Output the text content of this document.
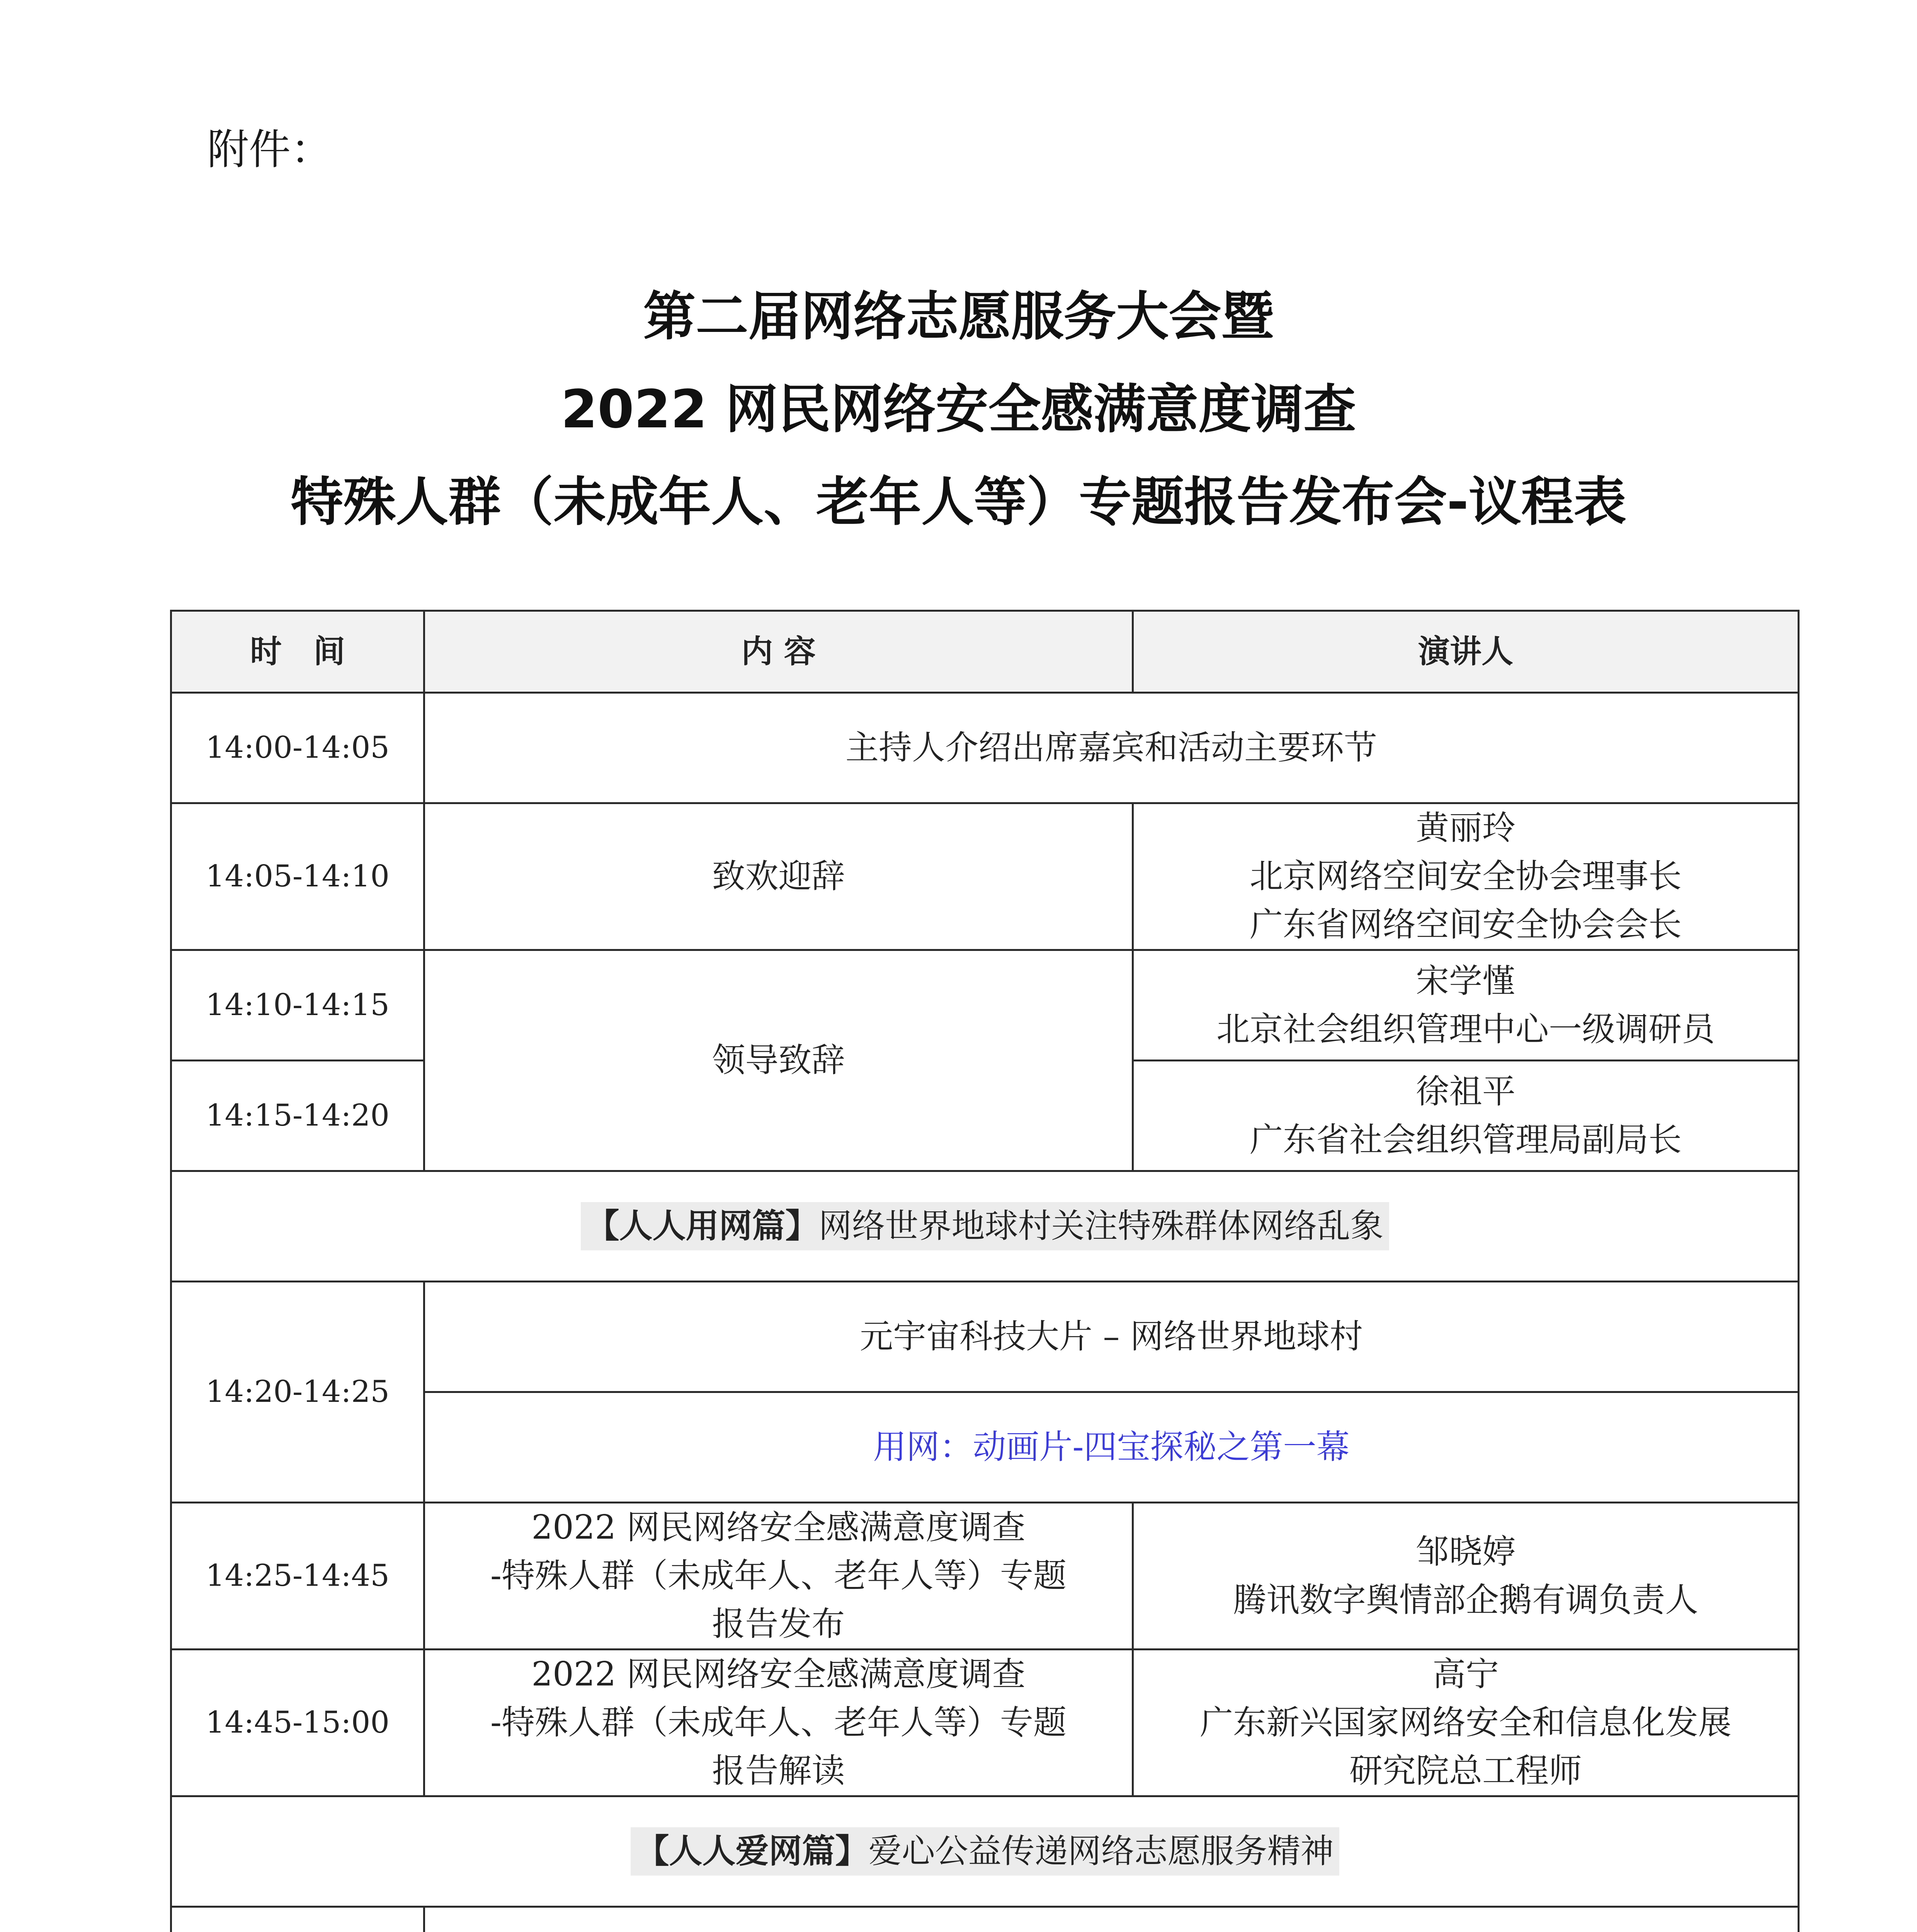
附件：
第二届网络志愿服务大会暨
2022 网民网络安全感满意度调查
特殊人群（未成年人、老年人等）专题报告发布会-议程表
时　间	内 容	演讲人
14:00-14:05	主持人介绍出席嘉宾和活动主要环节	
14:05-14:10	致欢迎辞	黄丽玲
北京网络空间安全协会理事长
广东省网络空间安全协会会长

14:10-14:15	领导致辞	宋学慬
北京社会组织管理中心一级调研员

14:15-14:20		徐祖平
广东省社会组织管理局副局长

【人人用网篇】网络世界地球村关注特殊群体网络乱象		
14:20-14:25	元宇宙科技大片 – 网络世界地球村	
	用网：动画片-四宝探秘之第一幕	
14:25-14:45	2022 网民网络安全感满意度调查
-特殊人群（未成年人、老年人等）专题
报告发布	邹晓婷
腾讯数字舆情部企鹅有调负责人

14:45-15:00	2022 网民网络安全感满意度调查
-特殊人群（未成年人、老年人等）专题
报告解读	高宁
广东新兴国家网络安全和信息化发展
研究院总工程师

【人人爱网篇】爱心公益传递网络志愿服务精神		
